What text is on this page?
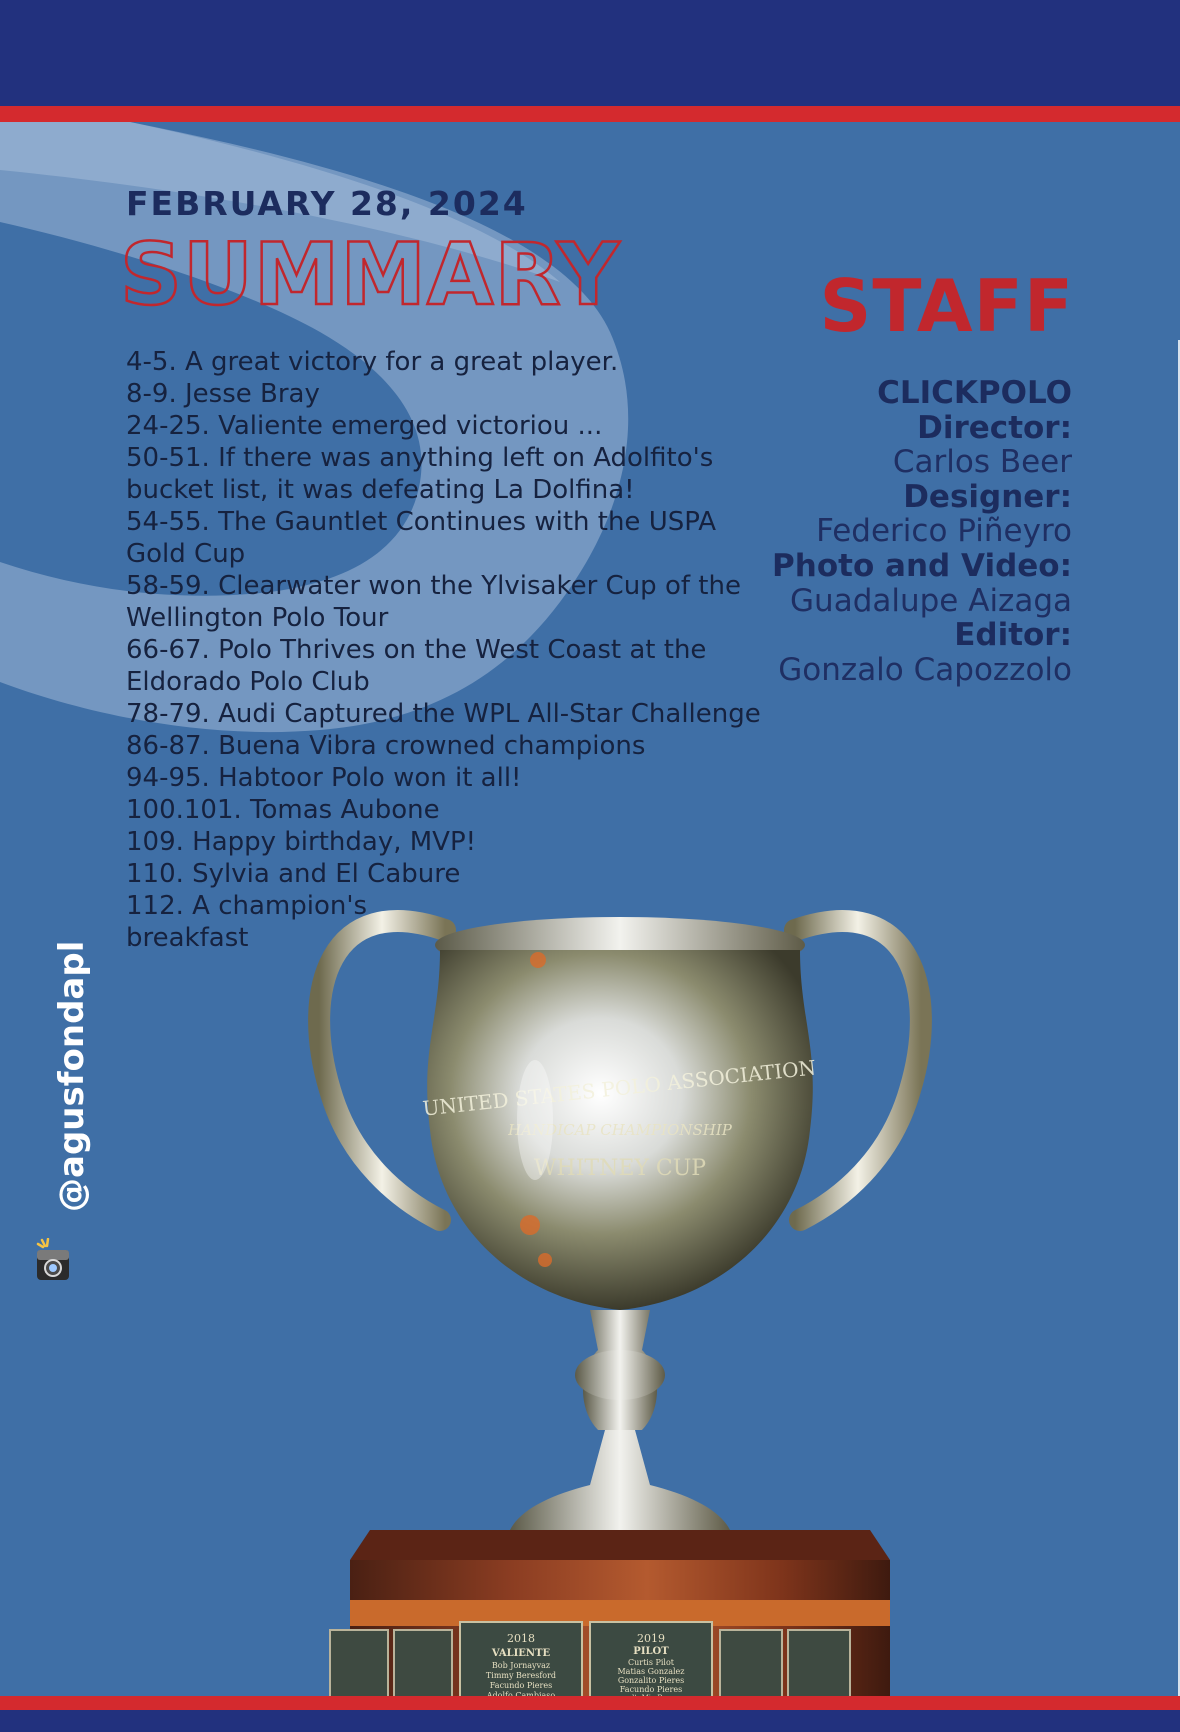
FEBRUARY 28, 2024
SUMMARY
4-5. A great victory for a great player.
8-9. Jesse Bray
24-25. Valiente emerged victoriou ...
50-51. If there was anything left on Adolfito's bucket list, it was defeating La Dolfina!
54-55. The Gauntlet Continues with the USPA Gold Cup
58-59. Clearwater won the Ylvisaker Cup of the Wellington Polo Tour
66-67. Polo Thrives on the West Coast at the Eldorado Polo Club
78-79. Audi Captured the WPL All-Star Challenge
86-87. Buena Vibra crowned champions
94-95. Habtoor Polo won it all!
100.101. Tomas Aubone
109. Happy birthday, MVP!
110. Sylvia and El Cabure
112. A champion's breakfast
STAFF
CLICKPOLO
Director:
Carlos Beer
Designer:
Federico Piñeyro
Photo and Video:
Guadalupe Aizaga
Editor:
Gonzalo Capozzolo
@agusfondapl	UNITED STATES POLO ASSOCIATION
HANDICAP CHAMPIONSHIP
WHITNEY CUP
2018
VALIENTE
Bob Jornayvaz
Timmy Beresford
Facundo Pieres
2019
PILOT
Curtis Pilot
Matias Gonzalez
Gonzalito Pieres
Facundo Pieres
